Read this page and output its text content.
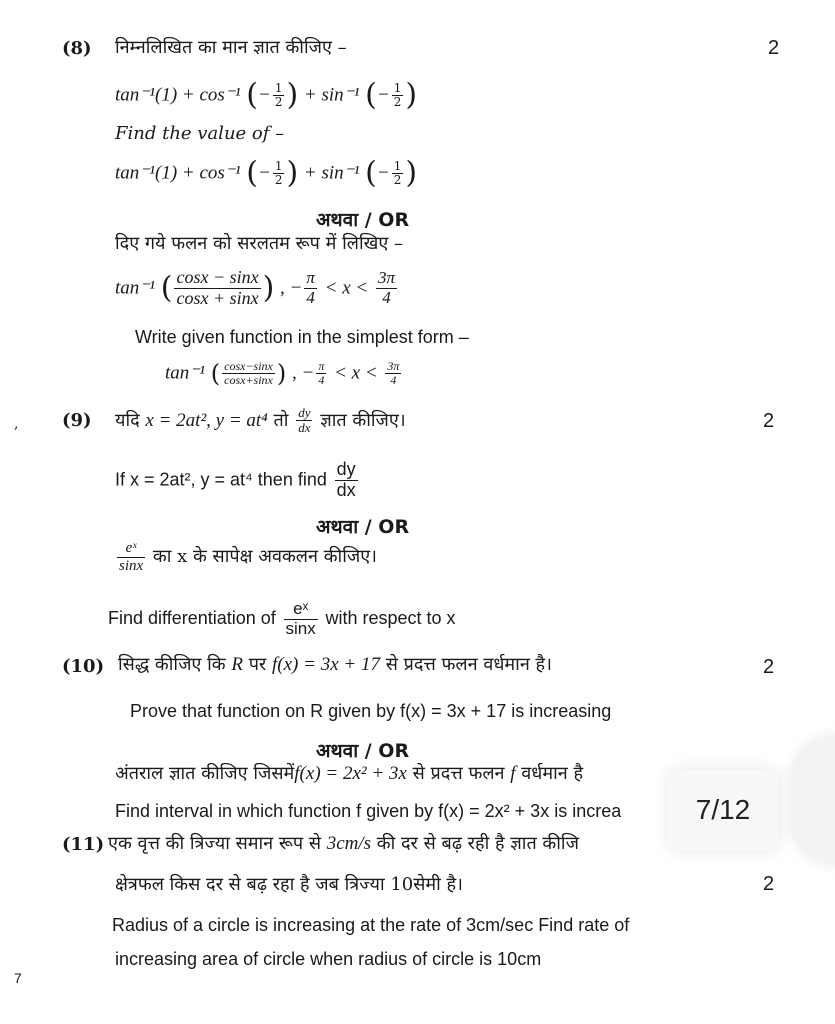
(8) निम्नलिखित का मान ज्ञात कीजिए –	2
tan⁻¹(1) + cos⁻¹ (− $\frac{1}{2}$ ) + sin⁻¹ (− $\frac{1}{2}$ )
Find the value of –
tan⁻¹(1) + cos⁻¹ (− $\frac{1}{2}$ ) + sin⁻¹ (− $\frac{1}{2}$ )
अथवा / OR
दिए गये फलन को सरलतम रूप में लिखिए –
tan⁻¹ ( $\frac{\cos x - \sin x}{\cos x + \sin x}$ ) , − $\frac{\pi}{4} < x < \frac{3\pi}{4}$
Write given function in the simplest form –
tan⁻¹ ( $\frac{\cos x-\sin x}{\cos x+\sin x}$ ) , − $\frac{\pi}{4} < x < \frac{3\pi}{4}$
, (9) यदि x = 2at², y = at⁴ तो $\frac{dy}{dx}$ ज्ञात कीजिए।	2
If x = 2at², y = at⁴ then find $\frac{dy}{dx}$
अथवा / OR
$\frac{\text{eˣ}}{\sin x}$ का x के सापेक्ष अवकलन कीजिए।
Find differentiation of $\frac{\text{eˣ}}{\sin x}$ with respect to x
(10) सिद्ध कीजिए कि R पर f(x) = 3x + 17 से प्रदत्त फलन वर्धमान है।	2
Prove that function on R given by f(x) = 3x + 17 is increasing
अथवा / OR
अंतराल ज्ञात कीजिए जिसमेंf(x) = 2x² + 3x से प्रदत्त फलन f वर्धमान है
Find interval in which function f given by f(x) = 2x² + 3x is increa
(11) एक वृत्त की त्रिज्या समान रूप से 3cm/s की दर से बढ़ रही है ज्ञात कीजि
क्षेत्रफल किस दर से बढ़ रहा है जब त्रिज्या 10सेमी है।	2
Radius of a circle is increasing at the rate of 3cm/sec Find rate of
increasing area of circle when radius of circle is 10cm
7/12
7
